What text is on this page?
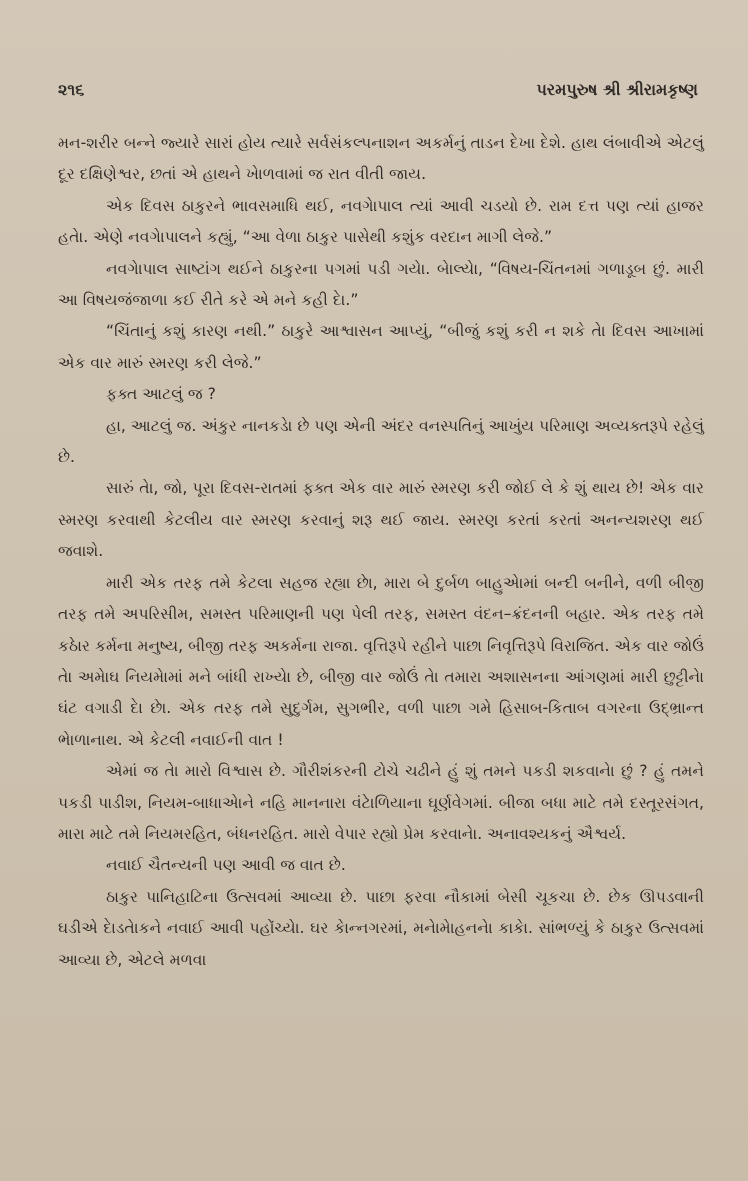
૨૧૬	પરમપુરુષ શ્રી શ્રીરામકૃષ્ણ

મન-શરીર બન્ને જ્યારે સારાં હોય ત્યારે સર્વસંકલ્પનાશન અકર્મનું તાડન દેખા દેશે. હાથ લંબાવીએ એટલું દૂર દક્ષિણેશ્વર, છતાં એ હાથને ખેાળવામાં જ રાત વીતી જાય.

એક દિવસ ઠાકુરને ભાવસમાધિ થઈ, નવગેાપાલ ત્યાં આવી ચડયો છે. રામ દત્ત પણ ત્યાં હાજર હતેા. એણે નવગેાપાલને કહ્યું, “આ વેળા ઠાકુર પાસેથી કશુંક વરદાન માગી લેજે.”

નવગેાપાલ સાષ્ટાંગ થઈને ઠાકુરના પગમાં પડી ગયેા. બેાલ્યેા, “વિષય-ચિંતનમાં ગળાડૂબ છું. મારી આ વિષયજંજાળા કઈ રીતે કરે એ મને કહી દેા.”

“ચિંતાનું કશું કારણ નથી.” ઠાકુરે આશ્વાસન આપ્યું, “બીજું કશું કરી ન શકે તેા દિવસ આખામાં એક વાર મારું સ્મરણ કરી લેજે.”

ફક્ત આટલું જ ?

હા, આટલું જ. અંકુર નાનકડેા છે પણ એની અંદર વનસ્પતિનું આખુંય પરિમાણ અવ્યક્તરૂપે રહેલું છે.

સારું તેા, જો, પૂરા દિવસ-રાતમાં ફક્ત એક વાર મારું સ્મરણ કરી જોઈ લે કે શું થાય છે! એક વાર સ્મરણ કરવાથી કેટલીય વાર સ્મરણ કરવાનું શરૂ થઈ જાય. સ્મરણ કરતાં કરતાં અનન્યશરણ થઈ જવાશે.

મારી એક તરફ તમે કેટલા સહજ રહ્યા છેા, મારા બે દુર્બળ બાહુએામાં બન્દી બનીને, વળી બીજી તરફ તમે અપરિસીમ, સમસ્ત પરિમાણની પણ પેલી તરફ, સમસ્ત વંદન–ક્રંદનની બહાર. એક તરફ તમે કઠેાર કર્મના મનુષ્ય, બીજી તરફ અકર્મના રાજા. વૃત્તિરૂપે રહીને પાછા નિવૃત્તિરૂપે વિરાજિત. એક વાર જોઉં તેા અમેાઘ નિયમેામાં મને બાંધી રાખ્યેા છે, બીજી વાર જોઉં તેા તમારા અશાસનના આંગણમાં મારી છુટ્ટીનેા ઘંટ વગાડી દેા છેા. એક તરફ તમે સુદુર્ગમ, સુગભીર, વળી પાછા ગમે હિસાબ-કિતાબ વગરના ઉદ્‌ભ્રાન્ત ભેાળાનાથ. એ કેટલી નવાઈની વાત !

એમાં જ તેા મારો વિશ્વાસ છે. ગૌરીશંકરની ટોચે ચઢીને હું શું તમને પકડી શકવાનેા છું ? હું તમને પકડી પાડીશ, નિયમ-બાધાએાને નહિ માનનારા વંટેાળિયાના ઘૂર્ણવેગમાં. બીજા બધા માટે તમે દસ્તૂરસંગત, મારા માટે તમે નિયમરહિત, બંધનરહિત. મારો વેપાર રહ્યો પ્રેમ કરવાનેા. અનાવશ્યકનું ઐશ્વર્ય.

નવાઈ ચૈતન્યની પણ આવી જ વાત છે.

ઠાકુર પાનિહાટિના ઉત્સવમાં આવ્યા છે. પાછા ફરવા નૌકામાં બેસી ચૂકચા છે. છેક ઊપડવાની ઘડીએ દેાડતેાકને નવાઈ આવી પહોંચ્યેા. ઘર કેાન્નગરમાં, મનેામેાહનનેા કાકેા. સાંભળ્યું કે ઠાકુર ઉત્સવમાં આવ્યા છે, એટલે મળવા
